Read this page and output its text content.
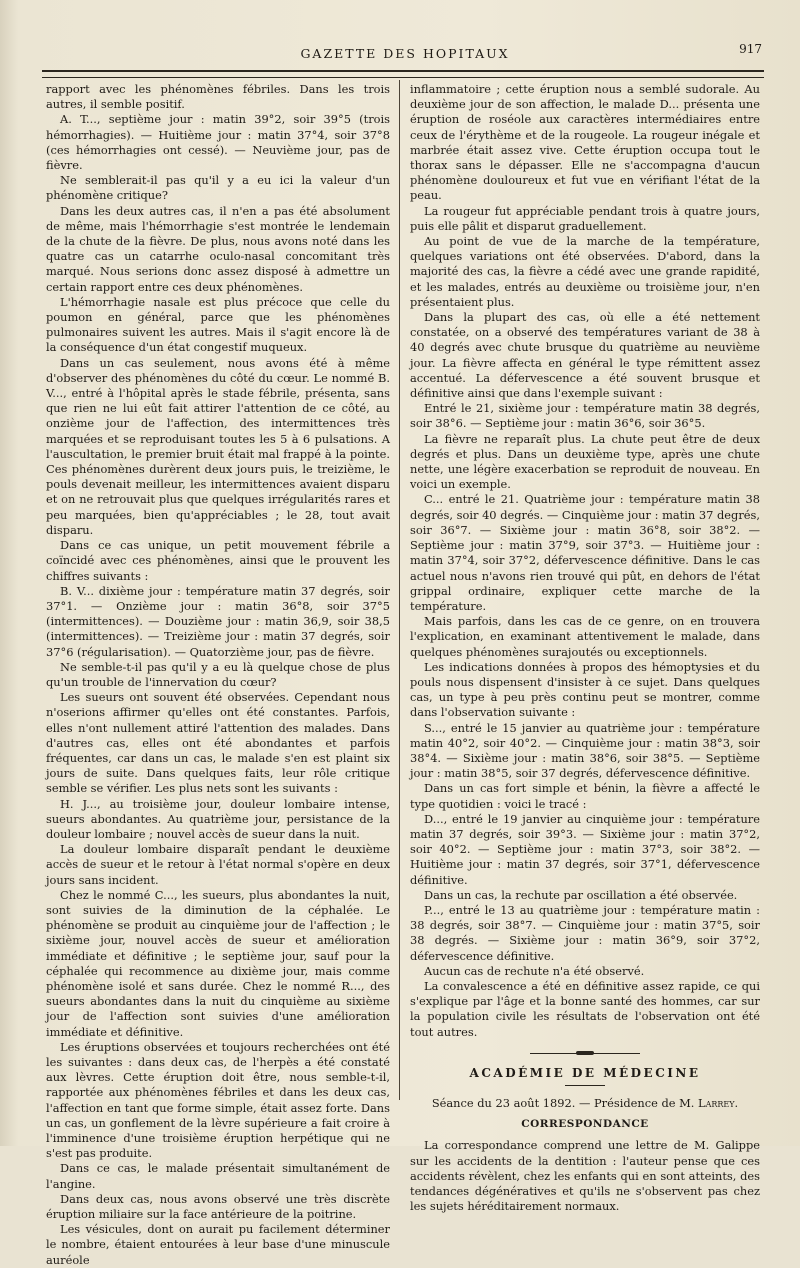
GAZETTE DES HOPITAUX	917

rapport avec les phénomènes fébriles. Dans les trois autres, il semble positif.

A. T..., septième jour : matin 39°2, soir 39°5 (trois hémorrhagies). — Huitième jour : matin 37°4, soir 37°8 (ces hémorrhagies ont cessé). — Neuvième jour, pas de fièvre.

Ne semblerait-il pas qu'il y a eu ici la valeur d'un phénomène critique?

Dans les deux autres cas, il n'en a pas été absolument de même, mais l'hémorrhagie s'est montrée le lendemain de la chute de la fièvre. De plus, nous avons noté dans les quatre cas un catarrhe oculo-nasal concomitant très marqué. Nous serions donc assez disposé à admettre un certain rapport entre ces deux phénomènes.

L'hémorrhagie nasale est plus précoce que celle du poumon en général, parce que les phénomènes pulmonaires suivent les autres. Mais il s'agit encore là de la conséquence d'un état congestif muqueux.

Dans un cas seulement, nous avons été à même d'observer des phénomènes du côté du cœur. Le nommé B. V..., entré à l'hôpital après le stade fébrile, présenta, sans que rien ne lui eût fait attirer l'attention de ce côté, au onzième jour de l'affection, des intermittences très marquées et se reproduisant toutes les 5 à 6 pulsations. A l'auscultation, le premier bruit était mal frappé à la pointe. Ces phénomènes durèrent deux jours puis, le treizième, le pouls devenait meilleur, les intermittences avaient disparu et on ne retrouvait plus que quelques irrégularités rares et peu marquées, bien qu'appréciables ; le 28, tout avait disparu.

Dans ce cas unique, un petit mouvement fébrile a coïncidé avec ces phénomènes, ainsi que le prouvent les chiffres suivants :

B. V... dixième jour : température matin 37 degrés, soir 37°1. — Onzième jour : matin 36°8, soir 37°5 (intermittences). — Douzième jour : matin 36,9, soir 38,5 (intermittences). — Treizième jour : matin 37 degrés, soir 37°6 (régularisation). — Quatorzième jour, pas de fièvre.

Ne semble-t-il pas qu'il y a eu là quelque chose de plus qu'un trouble de l'innervation du cœur?

Les sueurs ont souvent été observées. Cependant nous n'oserions affirmer qu'elles ont été constantes. Parfois, elles n'ont nullement attiré l'attention des malades. Dans d'autres cas, elles ont été abondantes et parfois fréquentes, car dans un cas, le malade s'en est plaint six jours de suite. Dans quelques faits, leur rôle critique semble se vérifier. Les plus nets sont les suivants :

H. J..., au troisième jour, douleur lombaire intense, sueurs abondantes. Au quatrième jour, persistance de la douleur lombaire ; nouvel accès de sueur dans la nuit.

La douleur lombaire disparaît pendant le deuxième accès de sueur et le retour à l'état normal s'opère en deux jours sans incident.

Chez le nommé C..., les sueurs, plus abondantes la nuit, sont suivies de la diminution de la céphalée. Le phénomène se produit au cinquième jour de l'affection ; le sixième jour, nouvel accès de sueur et amélioration immédiate et définitive ; le septième jour, sauf pour la céphalée qui recommence au dixième jour, mais comme phénomène isolé et sans durée. Chez le nommé R..., des sueurs abondantes dans la nuit du cinquième au sixième jour de l'affection sont suivies d'une amélioration immédiate et définitive.

Les éruptions observées et toujours recherchées ont été les suivantes : dans deux cas, de l'herpès a été constaté aux lèvres. Cette éruption doit être, nous semble-t-il, rapportée aux phénomènes fébriles et dans les deux cas, l'affection en tant que forme simple, était assez forte. Dans un cas, un gonflement de la lèvre supérieure a fait croire à l'imminence d'une troisième éruption herpétique qui ne s'est pas produite.

Dans ce cas, le malade présentait simultanément de l'angine.

Dans deux cas, nous avons observé une très discrète éruption miliaire sur la face antérieure de la poitrine.

Les vésicules, dont on aurait pu facilement déterminer le nombre, étaient entourées à leur base d'une minuscule auréole

inflammatoire ; cette éruption nous a semblé sudorale. Au deuxième jour de son affection, le malade D... présenta une éruption de roséole aux caractères intermédiaires entre ceux de l'érythème et de la rougeole. La rougeur inégale et marbrée était assez vive. Cette éruption occupa tout le thorax sans le dépasser. Elle ne s'accompagna d'aucun phénomène douloureux et fut vue en vérifiant l'état de la peau.

La rougeur fut appréciable pendant trois à quatre jours, puis elle pâlit et disparut graduellement.

Au point de vue de la marche de la température, quelques variations ont été observées. D'abord, dans la majorité des cas, la fièvre a cédé avec une grande rapidité, et les malades, entrés au deuxième ou troisième jour, n'en présentaient plus.

Dans la plupart des cas, où elle a été nettement constatée, on a observé des températures variant de 38 à 40 degrés avec chute brusque du quatrième au neuvième jour. La fièvre affecta en général le type rémittent assez accentué. La défervescence a été souvent brusque et définitive ainsi que dans l'exemple suivant :

Entré le 21, sixième jour : température matin 38 degrés, soir 38°6. — Septième jour : matin 36°6, soir 36°5.

La fièvre ne reparaît plus. La chute peut être de deux degrés et plus. Dans un deuxième type, après une chute nette, une légère exacerbation se reproduit de nouveau. En voici un exemple.

C... entré le 21. Quatrième jour : température matin 38 degrés, soir 40 degrés. — Cinquième jour : matin 37 degrés, soir 36°7. — Sixième jour : matin 36°8, soir 38°2. — Septième jour : matin 37°9, soir 37°3. — Huitième jour : matin 37°4, soir 37°2, défervescence définitive. Dans le cas actuel nous n'avons rien trouvé qui pût, en dehors de l'état grippal ordinaire, expliquer cette marche de la température.

Mais parfois, dans les cas de ce genre, on en trouvera l'explication, en examinant attentivement le malade, dans quelques phénomènes surajoutés ou exceptionnels.

Les indications données à propos des hémoptysies et du pouls nous dispensent d'insister à ce sujet. Dans quelques cas, un type à peu près continu peut se montrer, comme dans l'observation suivante :

S..., entré le 15 janvier au quatrième jour : température matin 40°2, soir 40°2. — Cinquième jour : matin 38°3, soir 38°4. — Sixième jour : matin 38°6, soir 38°5. — Septième jour : matin 38°5, soir 37 degrés, défervescence définitive.

Dans un cas fort simple et bénin, la fièvre a affecté le type quotidien : voici le tracé :

D..., entré le 19 janvier au cinquième jour : température matin 37 degrés, soir 39°3. — Sixième jour : matin 37°2, soir 40°2. — Septième jour : matin 37°3, soir 38°2. — Huitième jour : matin 37 degrés, soir 37°1, défervescence définitive.

Dans un cas, la rechute par oscillation a été observée.

P..., entré le 13 au quatrième jour : température matin : 38 degrés, soir 38°7. — Cinquième jour : matin 37°5, soir 38 degrés. — Sixième jour : matin 36°9, soir 37°2, défervescence définitive.

Aucun cas de rechute n'a été observé.

La convalescence a été en définitive assez rapide, ce qui s'explique par l'âge et la bonne santé des hommes, car sur la population civile les résultats de l'observation ont été tout autres.

ACADÉMIE DE MÉDECINE

Séance du 23 août 1892. — Présidence de M. Larrey.

CORRESPONDANCE

La correspondance comprend une lettre de M. Galippe sur les accidents de la dentition : l'auteur pense que ces accidents révèlent, chez les enfants qui en sont atteints, des tendances dégénératives et qu'ils ne s'observent pas chez les sujets héréditairement normaux.
